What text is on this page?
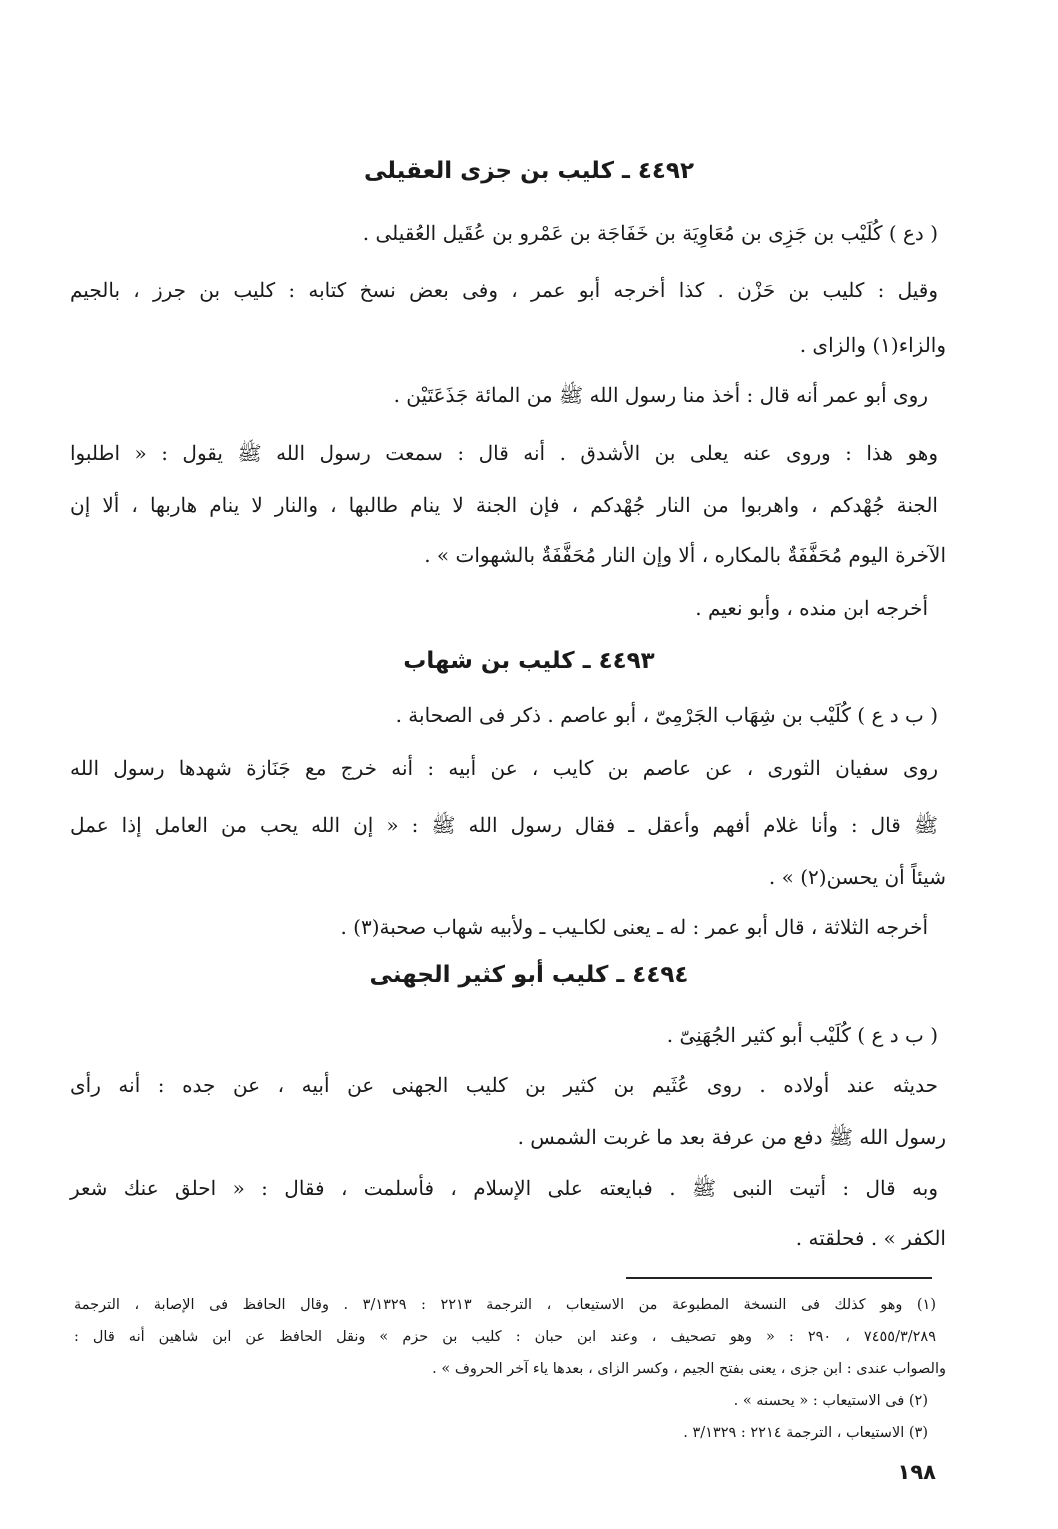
٤٤٩٢ ـ كليب بن جزى العقيلى
( دع ) كُلَيْب بن جَزِى بن مُعَاوِيَة بن خَفَاجَة بن عَمْرو بن عُقَيل العُقيلى .
وقيل : كليب بن حَزْن . كذا أخرجه أبو عمر ، وفى بعض نسخ كتابه : كليب بن جرز ، بالجيم
والزاء(١) والزاى .
روى أبو عمر أنه قال : أخذ منا رسول الله ﷺ من المائة جَذَعَتَيْن .
وهو هذا : وروى عنه يعلى بن الأشدق . أنه قال : سمعت رسول الله ﷺ يقول : « اطلبوا
الجنة جُهْدكم ، واهربوا من النار جُهْدكم ، فإن الجنة لا ينام طالبها ، والنار لا ينام هاربها ، ألا إن
الآخرة اليوم مُحَفَّفَةٌ بالمكاره ، ألا وإن النار مُحَفَّفَةٌ بالشهوات » .
أخرجه ابن منده ، وأبو نعيم .
٤٤٩٣ ـ كليب بن شهاب
( ب د ع ) كُلَيْب بن شِهَاب الجَرْمِىّ ، أبو عاصم . ذكر فى الصحابة .
روى سفيان الثورى ، عن عاصم بن كايب ، عن أبيه : أنه خرج مع جَنَازة شهدها رسول الله
ﷺ قال : وأنا غلام أفهم وأعقل ـ فقال رسول الله ﷺ : « إن الله يحب من العامل إذا عمل
شيئاً أن يحسن(٢) » .
أخرجه الثلاثة ، قال أبو عمر : له ـ يعنى لكاـيب ـ ولأبيه شهاب صحبة(٣) .
٤٤٩٤ ـ كليب أبو كثير الجهنى
( ب د ع ) كُلَيْب أبو كثير الجُهَنِىّ .
حديثه عند أولاده . روى عُثَيم بن كثير بن كليب الجهنى عن أبيه ، عن جده : أنه رأى
رسول الله ﷺ دفع من عرفة بعد ما غربت الشمس .
وبه قال : أتيت النبى ﷺ . فبايعته على الإسلام ، فأسلمت ، فقال : « احلق عنك شعر
الكفر » . فحلقته .
(١) وهو كذلك فى النسخة المطبوعة من الاستيعاب ، الترجمة ٢٢١٣ : ٣/١٣٢٩ . وقال الحافظ فى الإصابة ، الترجمة
٧٤٥٥/٣/٢٨٩ ، ٢٩٠ : « وهو تصحيف ، وعند ابن حبان : كليب بن حزم » ونقل الحافظ عن ابن شاهين أنه قال :
والصواب عندى : ابن جزى ، يعنى بفتح الجيم ، وكسر الزاى ، بعدها ياء آخر الحروف » .
(٢) فى الاستيعاب : « يحسنه » .
(٣) الاستيعاب ، الترجمة ٢٢١٤ : ٣/١٣٢٩ .
١٩٨
